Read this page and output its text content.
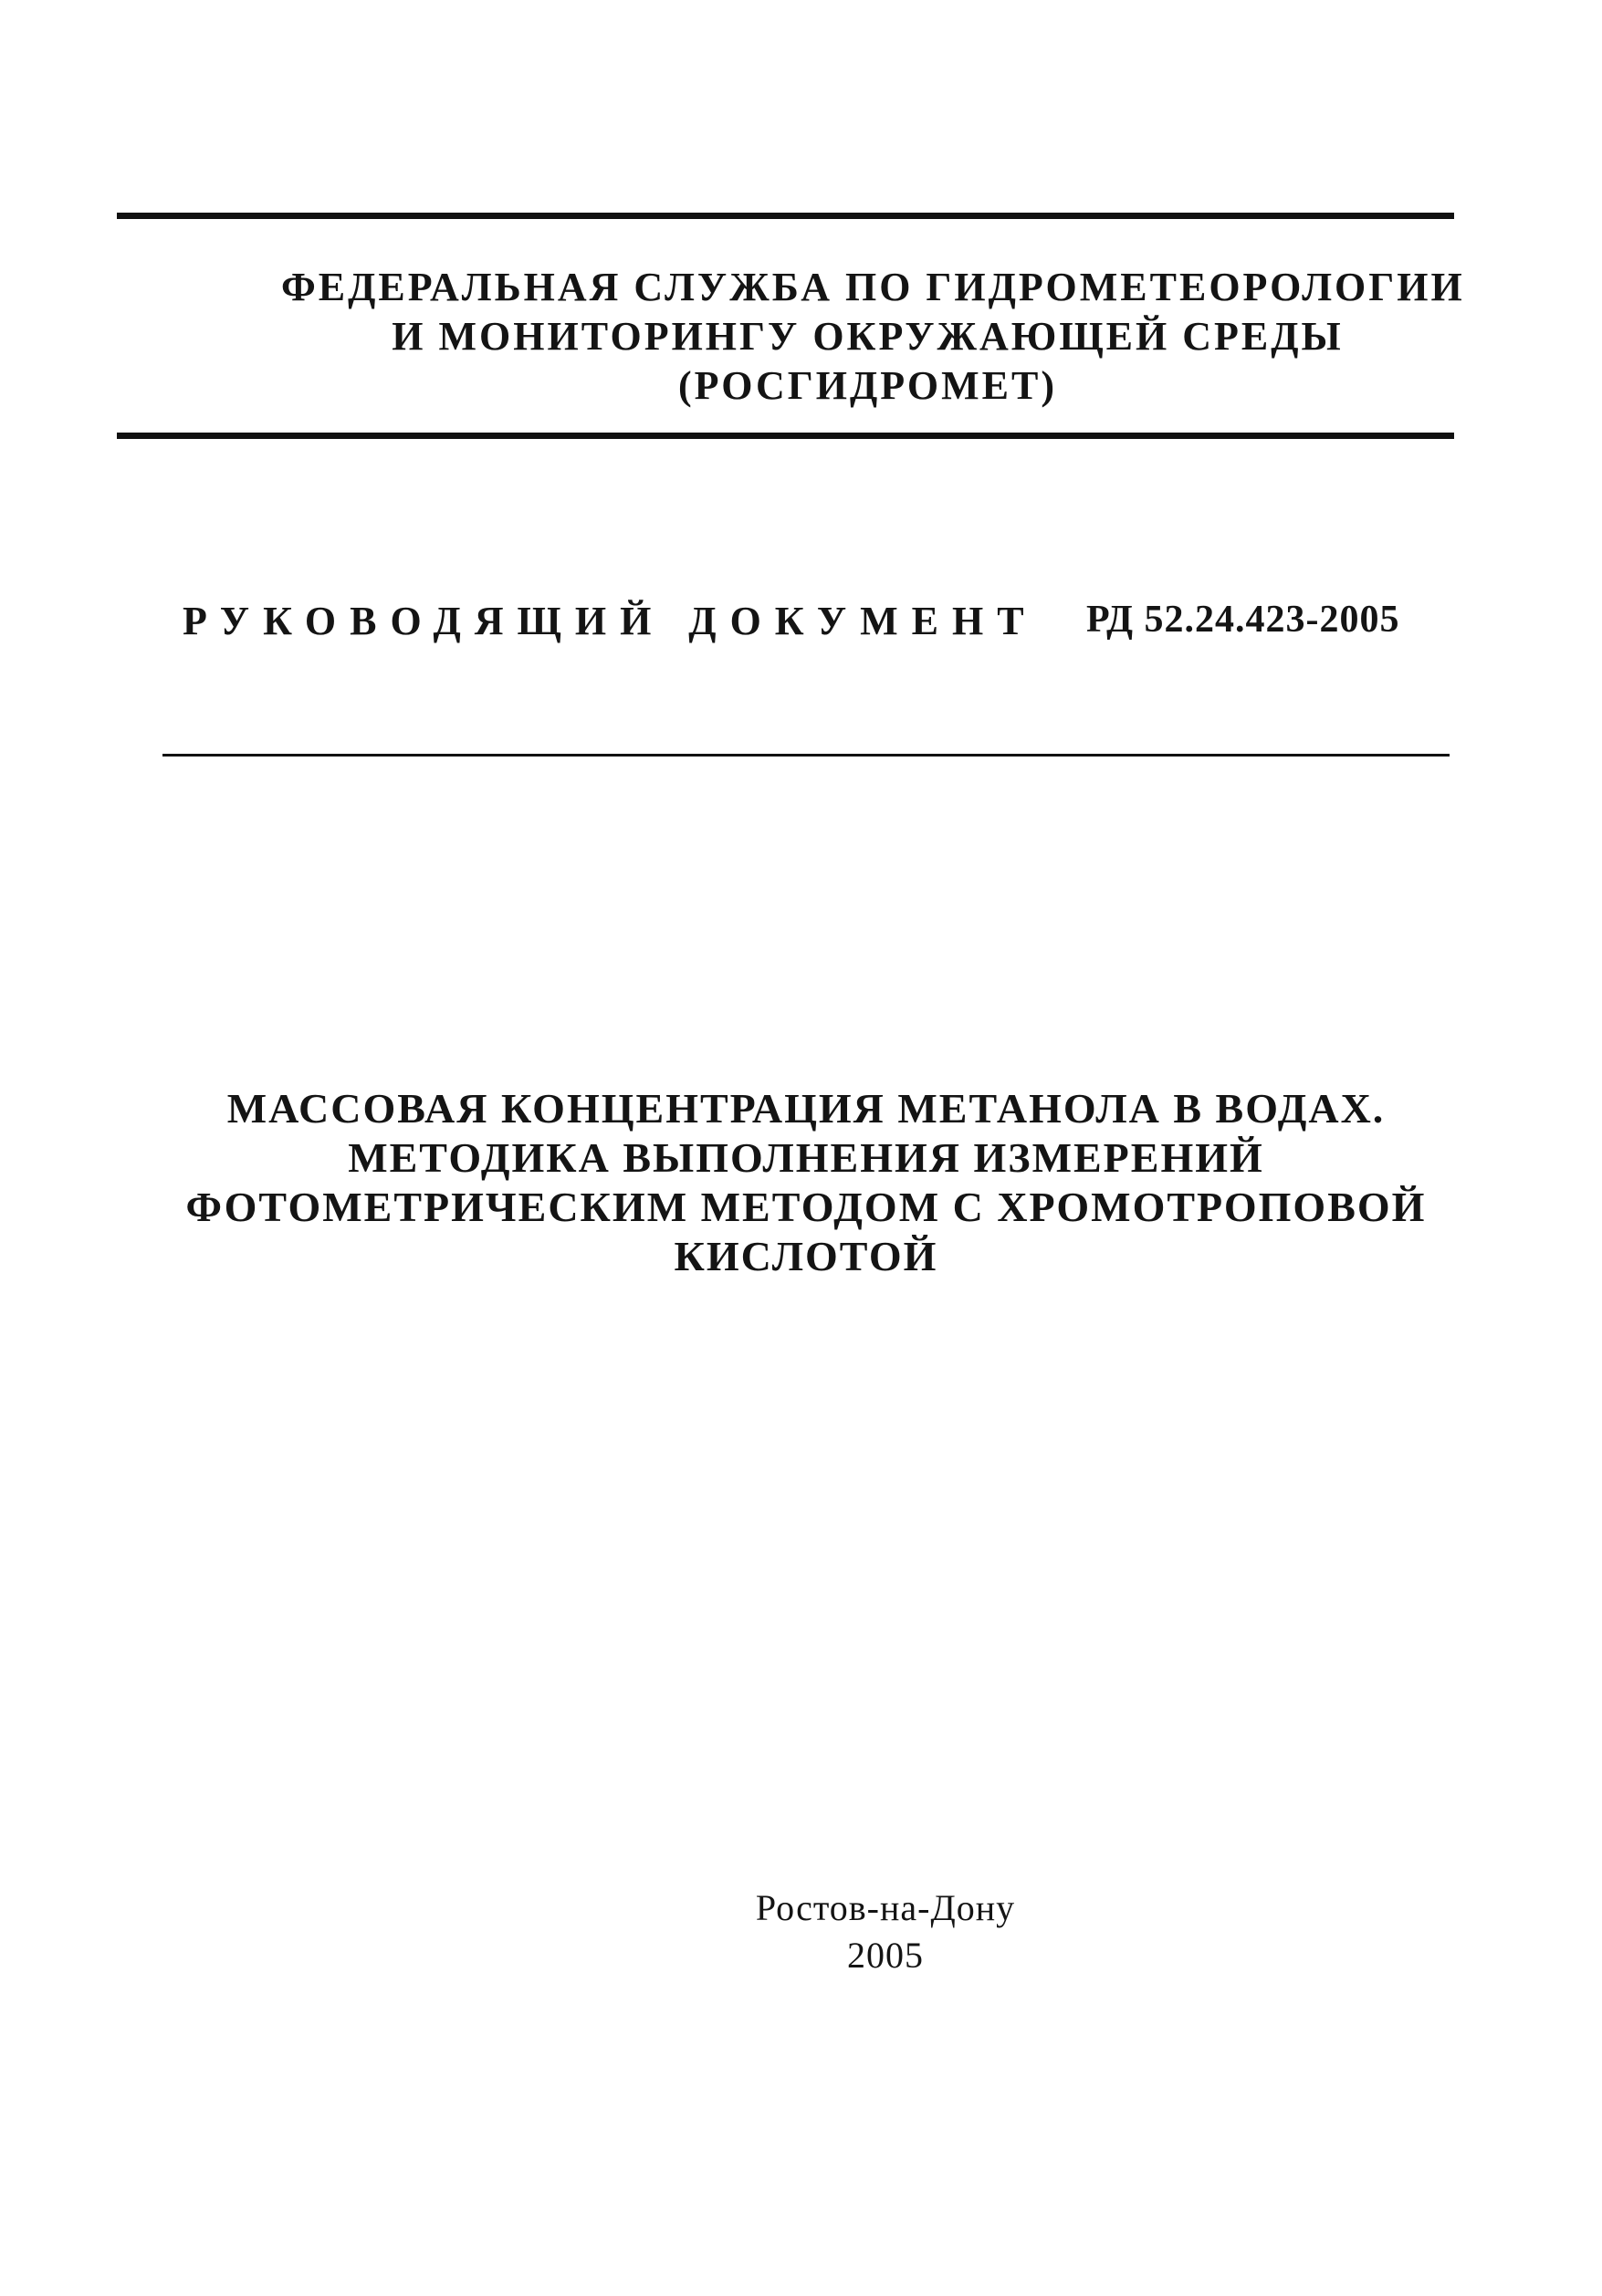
ФЕДЕРАЛЬНАЯ СЛУЖБА ПО ГИДРОМЕТЕОРОЛОГИИ
И МОНИТОРИНГУ ОКРУЖАЮЩЕЙ СРЕДЫ
(РОСГИДРОМЕТ)
РУКОВОДЯЩИЙ ДОКУМЕНТ РД 52.24.423-2005
МАССОВАЯ КОНЦЕНТРАЦИЯ МЕТАНОЛА В ВОДАХ.
МЕТОДИКА ВЫПОЛНЕНИЯ ИЗМЕРЕНИЙ
ФОТОМЕТРИЧЕСКИМ МЕТОДОМ С ХРОМОТРОПОВОЙ
КИСЛОТОЙ
Ростов-на-Дону
2005
